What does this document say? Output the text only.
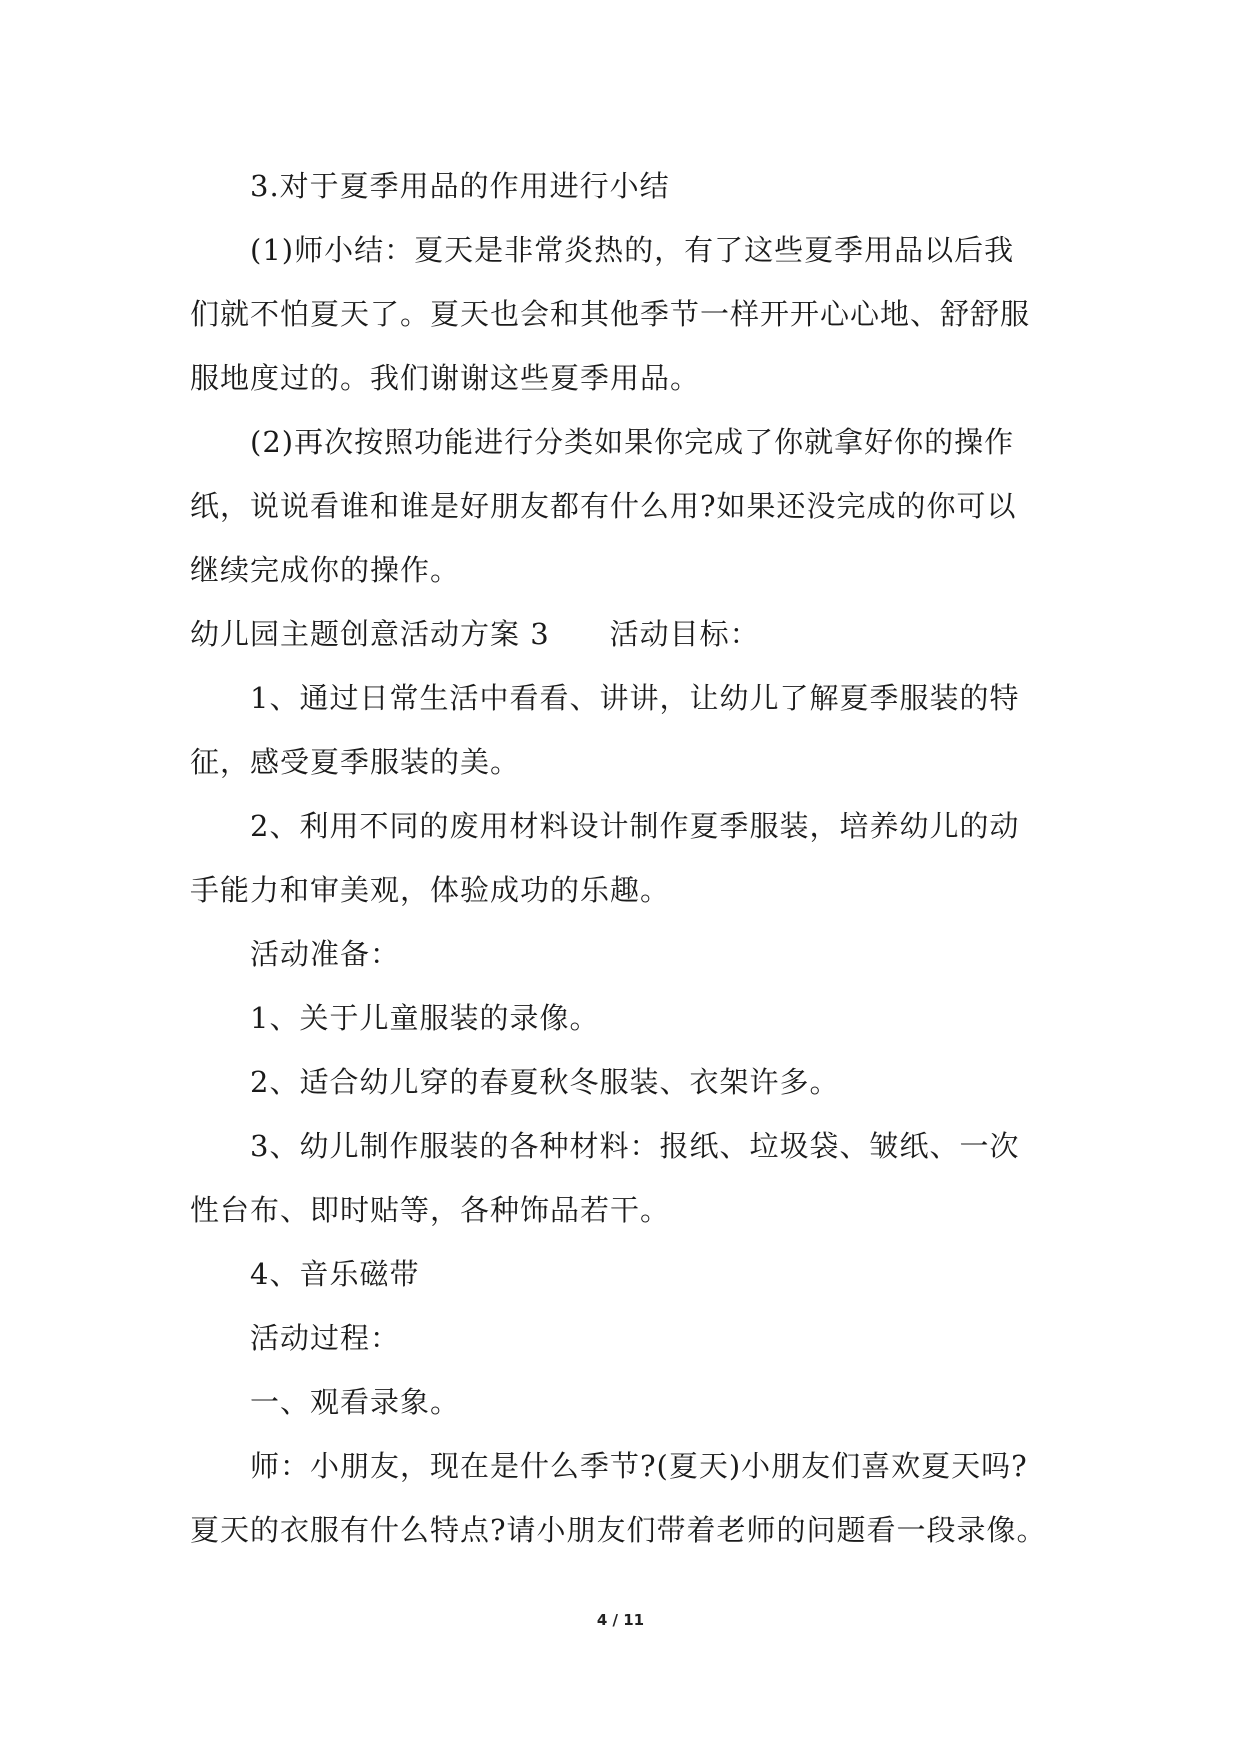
3.对于夏季用品的作用进行小结
(1)师小结：夏天是非常炎热的，有了这些夏季用品以后我
们就不怕夏天了。夏天也会和其他季节一样开开心心地、舒舒服
服地度过的。我们谢谢这些夏季用品。
(2)再次按照功能进行分类如果你完成了你就拿好你的操作
纸，说说看谁和谁是好朋友都有什么用?如果还没完成的你可以
继续完成你的操作。
幼儿园主题创意活动方案 3　　活动目标：
1、通过日常生活中看看、讲讲，让幼儿了解夏季服装的特
征，感受夏季服装的美。
2、利用不同的废用材料设计制作夏季服装，培养幼儿的动
手能力和审美观，体验成功的乐趣。
活动准备：
1、关于儿童服装的录像。
2、适合幼儿穿的春夏秋冬服装、衣架许多。
3、幼儿制作服装的各种材料：报纸、垃圾袋、皱纸、一次
性台布、即时贴等，各种饰品若干。
4、音乐磁带
活动过程：
一、观看录象。
师：小朋友，现在是什么季节?(夏天)小朋友们喜欢夏天吗?
夏天的衣服有什么特点?请小朋友们带着老师的问题看一段录像。
4 / 11
